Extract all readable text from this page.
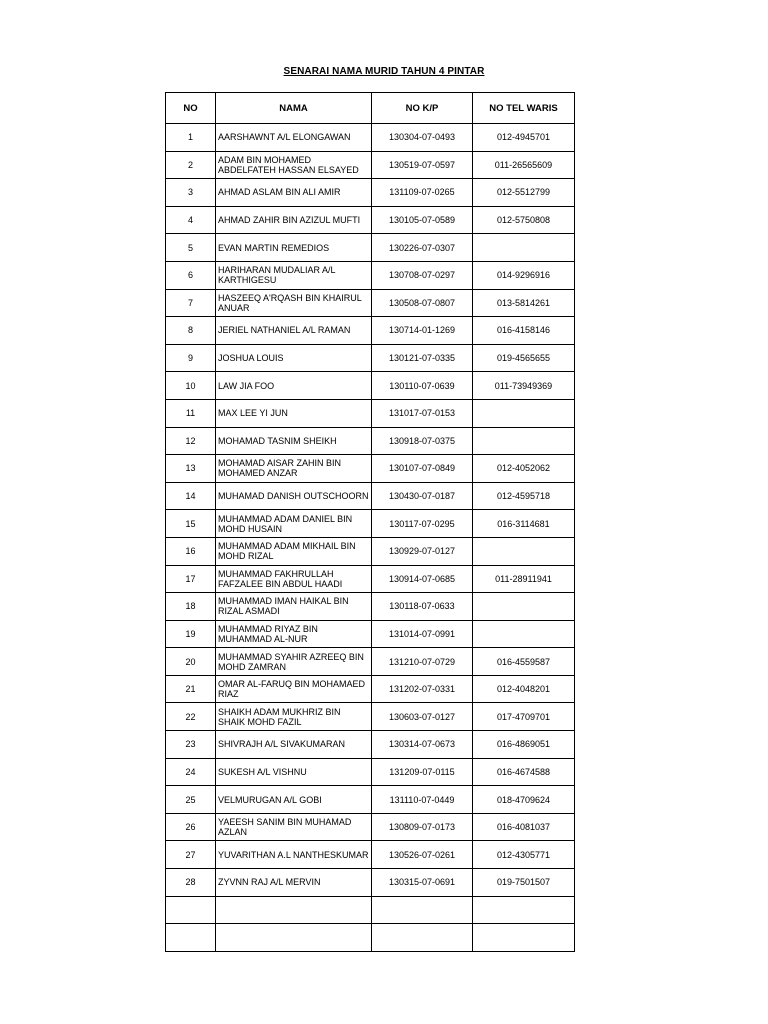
SENARAI NAMA MURID TAHUN 4 PINTAR
NO	NAMA	NO K/P	NO TEL WARIS
1	AARSHAWNT A/L ELONGAWAN	130304-07-0493	012-4945701
2	ADAM BIN MOHAMED ABDELFATEH HASSAN ELSAYED	130519-07-0597	011-26565609
3	AHMAD ASLAM BIN ALI AMIR	131109-07-0265	012-5512799
4	AHMAD ZAHIR BIN AZIZUL MUFTI	130105-07-0589	012-5750808
5	EVAN MARTIN REMEDIOS	130226-07-0307	
6	HARIHARAN MUDALIAR A/L KARTHIGESU	130708-07-0297	014-9296916
7	HASZEEQ A'RQASH BIN KHAIRUL ANUAR	130508-07-0807	013-5814261
8	JERIEL NATHANIEL A/L RAMAN	130714-01-1269	016-4158146
9	JOSHUA LOUIS	130121-07-0335	019-4565655
10	LAW JIA FOO	130110-07-0639	011-73949369
11	MAX LEE YI JUN	131017-07-0153	
12	MOHAMAD TASNIM SHEIKH	130918-07-0375	
13	MOHAMAD AISAR ZAHIN BIN MOHAMED ANZAR	130107-07-0849	012-4052062
14	MUHAMAD DANISH OUTSCHOORN	130430-07-0187	012-4595718
15	MUHAMMAD ADAM DANIEL BIN MOHD HUSAIN	130117-07-0295	016-3114681
16	MUHAMMAD ADAM MIKHAIL BIN MOHD RIZAL	130929-07-0127	
17	MUHAMMAD FAKHRULLAH FAFZALEE BIN ABDUL HAADI	130914-07-0685	011-28911941
18	MUHAMMAD IMAN HAIKAL BIN RIZAL ASMADI	130118-07-0633	
19	MUHAMMAD RIYAZ BIN MUHAMMAD AL-NUR	131014-07-0991	
20	MUHAMMAD SYAHIR AZREEQ BIN MOHD ZAMRAN	131210-07-0729	016-4559587
21	OMAR AL-FARUQ BIN MOHAMAED RIAZ	131202-07-0331	012-4048201
22	SHAIKH ADAM MUKHRIZ BIN SHAIK MOHD FAZIL	130603-07-0127	017-4709701
23	SHIVRAJH A/L SIVAKUMARAN	130314-07-0673	016-4869051
24	SUKESH A/L VISHNU	131209-07-0115	016-4674588
25	VELMURUGAN A/L GOBI	131110-07-0449	018-4709624
26	YAEESH SANIM BIN MUHAMAD AZLAN	130809-07-0173	016-4081037
27	YUVARITHAN A.L NANTHESKUMAR	130526-07-0261	012-4305771
28	ZYVNN RAJ A/L MERVIN	130315-07-0691	019-7501507
